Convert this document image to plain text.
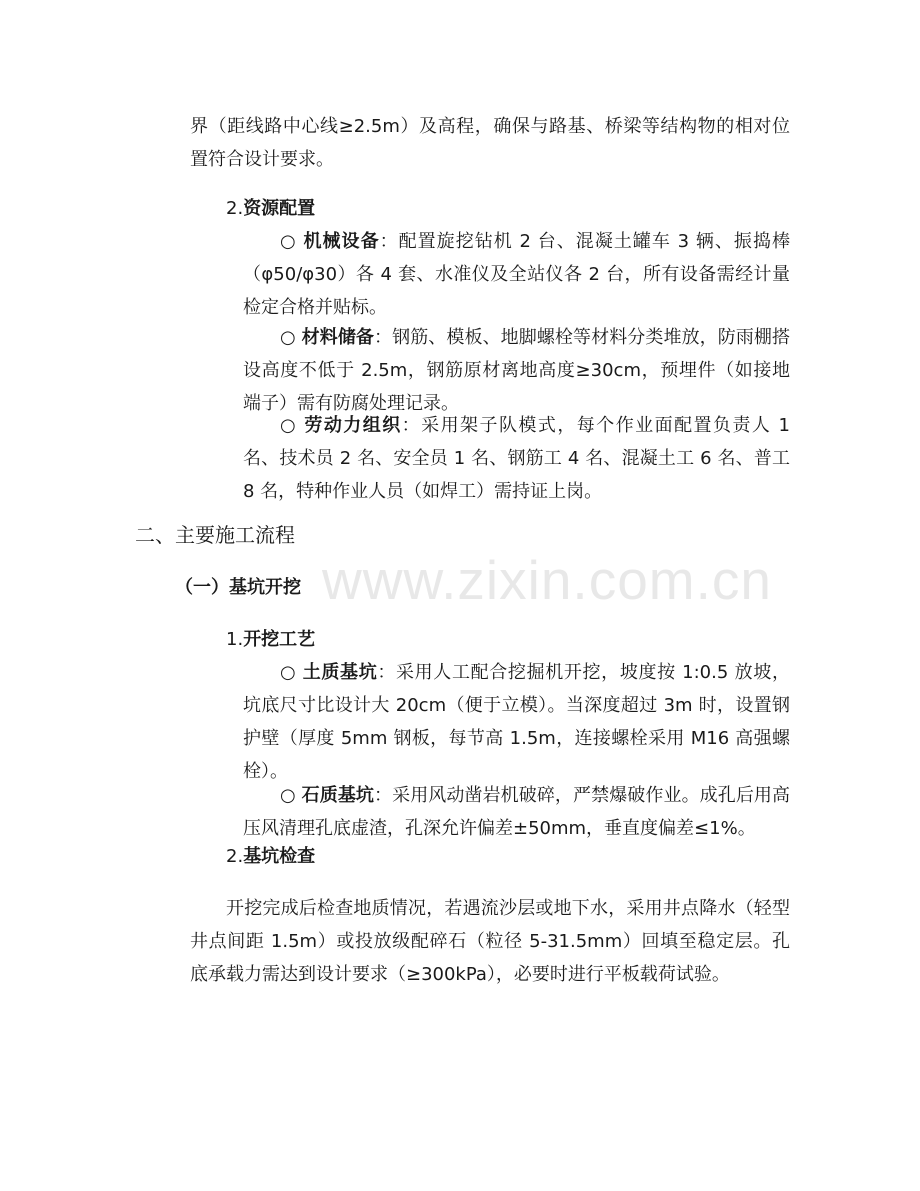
www.zixin.com.cn
界（距线路中心线≥2.5m）及高程，确保与路基、桥梁等结构物的相对位置符合设计要求。
2.资源配置
○ 机械设备：配置旋挖钻机 2 台、混凝土罐车 3 辆、振捣棒（φ50/φ30）各 4 套、水准仪及全站仪各 2 台，所有设备需经计量检定合格并贴标。
○ 材料储备：钢筋、模板、地脚螺栓等材料分类堆放，防雨棚搭设高度不低于 2.5m，钢筋原材离地高度≥30cm，预埋件（如接地端子）需有防腐处理记录。
○ 劳动力组织：采用架子队模式，每个作业面配置负责人 1 名、技术员 2 名、安全员 1 名、钢筋工 4 名、混凝土工 6 名、普工 8 名，特种作业人员（如焊工）需持证上岗。
二、主要施工流程
（一）基坑开挖
1.开挖工艺
○ 土质基坑：采用人工配合挖掘机开挖，坡度按 1:0.5 放坡，坑底尺寸比设计大 20cm（便于立模）。当深度超过 3m 时，设置钢护壁（厚度 5mm 钢板，每节高 1.5m，连接螺栓采用 M16 高强螺栓）。
○ 石质基坑：采用风动凿岩机破碎，严禁爆破作业。成孔后用高压风清理孔底虚渣，孔深允许偏差±50mm，垂直度偏差≤1%。
2.基坑检查
开挖完成后检查地质情况，若遇流沙层或地下水，采用井点降水（轻型井点间距 1.5m）或投放级配碎石（粒径 5-31.5mm）回填至稳定层。孔底承载力需达到设计要求（≥300kPa），必要时进行平板载荷试验。
